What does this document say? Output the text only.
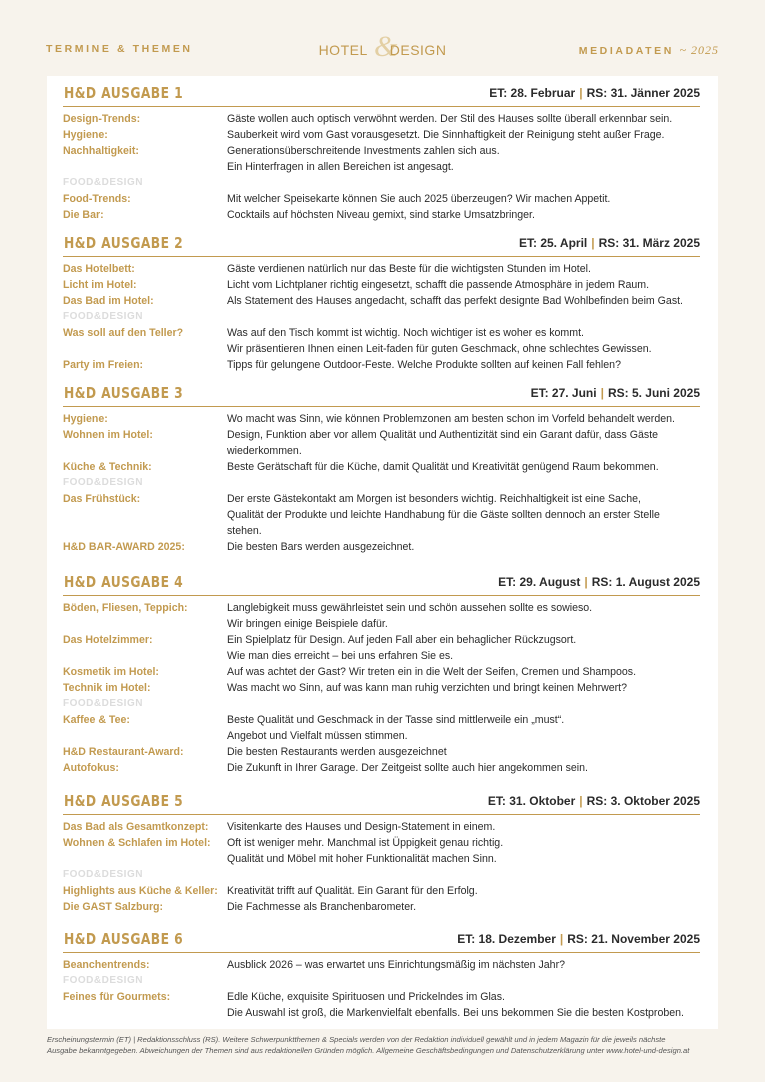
TERMINE & THEMEN	&
HOTEL DESIGN	MEDIADATEN ~ 2025
H&D AUSGABE 1	ET: 28. Februar | RS: 31. Jänner 2025
Design-Trends:	Gäste wollen auch optisch verwöhnt werden. Der Stil des Hauses sollte überall erkennbar sein.
Hygiene:	Sauberkeit wird vom Gast vorausgesetzt. Die Sinnhaftigkeit der Reinigung steht außer Frage.
Nachhaltigkeit:	Generationsüberschreitende Investments zahlen sich aus.
Ein Hinterfragen in allen Bereichen ist angesagt.
FOOD&DESIGN
Food-Trends:	Mit welcher Speisekarte können Sie auch 2025 überzeugen? Wir machen Appetit.
Die Bar:	Cocktails auf höchsten Niveau gemixt, sind starke Umsatzbringer.
H&D AUSGABE 2	ET: 25. April | RS: 31. März 2025
Das Hotelbett:	Gäste verdienen natürlich nur das Beste für die wichtigsten Stunden im Hotel.
Licht im Hotel:	Licht vom Lichtplaner richtig eingesetzt, schafft die passende Atmosphäre in jedem Raum.
Das Bad im Hotel:	Als Statement des Hauses angedacht, schafft das perfekt designte Bad Wohlbefinden beim Gast.
FOOD&DESIGN
Was soll auf den Teller?	Was auf den Tisch kommt ist wichtig. Noch wichtiger ist es woher es kommt.
Wir präsentieren Ihnen einen Leit-faden für guten Geschmack, ohne schlechtes Gewissen.
Party im Freien:	Tipps für gelungene Outdoor-Feste. Welche Produkte sollten auf keinen Fall fehlen?
H&D AUSGABE 3	ET: 27. Juni | RS: 5. Juni 2025
Hygiene:	Wo macht was Sinn, wie können Problemzonen am besten schon im Vorfeld behandelt werden.
Wohnen im Hotel:	Design, Funktion aber vor allem Qualität und Authentizität sind ein Garant dafür, dass Gäste
wiederkommen.
Küche & Technik:	Beste Gerätschaft für die Küche, damit Qualität und Kreativität genügend Raum bekommen.
FOOD&DESIGN
Das Frühstück:	Der erste Gästekontakt am Morgen ist besonders wichtig. Reichhaltigkeit ist eine Sache,
Qualität der Produkte und leichte Handhabung für die Gäste sollten dennoch an erster Stelle
stehen.
H&D BAR-AWARD 2025:	Die besten Bars werden ausgezeichnet.
H&D AUSGABE 4	ET: 29. August | RS: 1. August 2025
Böden, Fliesen, Teppich:	Langlebigkeit muss gewährleistet sein und schön aussehen sollte es sowieso.
Wir bringen einige Beispiele dafür.
Das Hotelzimmer:	Ein Spielplatz für Design. Auf jeden Fall aber ein behaglicher Rückzugsort.
Wie man dies erreicht – bei uns erfahren Sie es.
Kosmetik im Hotel:	Auf was achtet der Gast? Wir treten ein in die Welt der Seifen, Cremen und Shampoos.
Technik im Hotel:	Was macht wo Sinn, auf was kann man ruhig verzichten und bringt keinen Mehrwert?
FOOD&DESIGN
Kaffee & Tee:	Beste Qualität und Geschmack in der Tasse sind mittlerweile ein „must“.
Angebot und Vielfalt müssen stimmen.
H&D Restaurant-Award:	Die besten Restaurants werden ausgezeichnet
Autofokus:	Die Zukunft in Ihrer Garage. Der Zeitgeist sollte auch hier angekommen sein.
H&D AUSGABE 5	ET: 31. Oktober | RS: 3. Oktober 2025
Das Bad als Gesamtkonzept:	Visitenkarte des Hauses und Design-Statement in einem.
Wohnen & Schlafen im Hotel:	Oft ist weniger mehr. Manchmal ist Üppigkeit genau richtig.
Qualität und Möbel mit hoher Funktionalität machen Sinn.
FOOD&DESIGN
Highlights aus Küche & Keller: Kreativität trifft auf Qualität. Ein Garant für den Erfolg.
Die GAST Salzburg:	Die Fachmesse als Branchenbarometer.
H&D AUSGABE 6	ET: 18. Dezember | RS: 21. November 2025
Beanchentrends:	Ausblick 2026 – was erwartet uns Einrichtungsmäßig im nächsten Jahr?
FOOD&DESIGN
Feines für Gourmets:	Edle Küche, exquisite Spirituosen und Prickelndes im Glas.
Die Auswahl ist groß, die Markenvielfalt ebenfalls. Bei uns bekommen Sie die besten Kostproben.
Erscheinungstermin (ET) | Redaktionsschluss (RS). Weitere Schwerpunktthemen & Specials werden von der Redaktion individuell gewählt und in jedem Magazin für die jeweils nächste
Ausgabe bekanntgegeben. Abweichungen der Themen sind aus redaktionellen Gründen möglich. Allgemeine Geschäftsbedingungen und Datenschutzerklärung unter www.hotel-und-design.at
